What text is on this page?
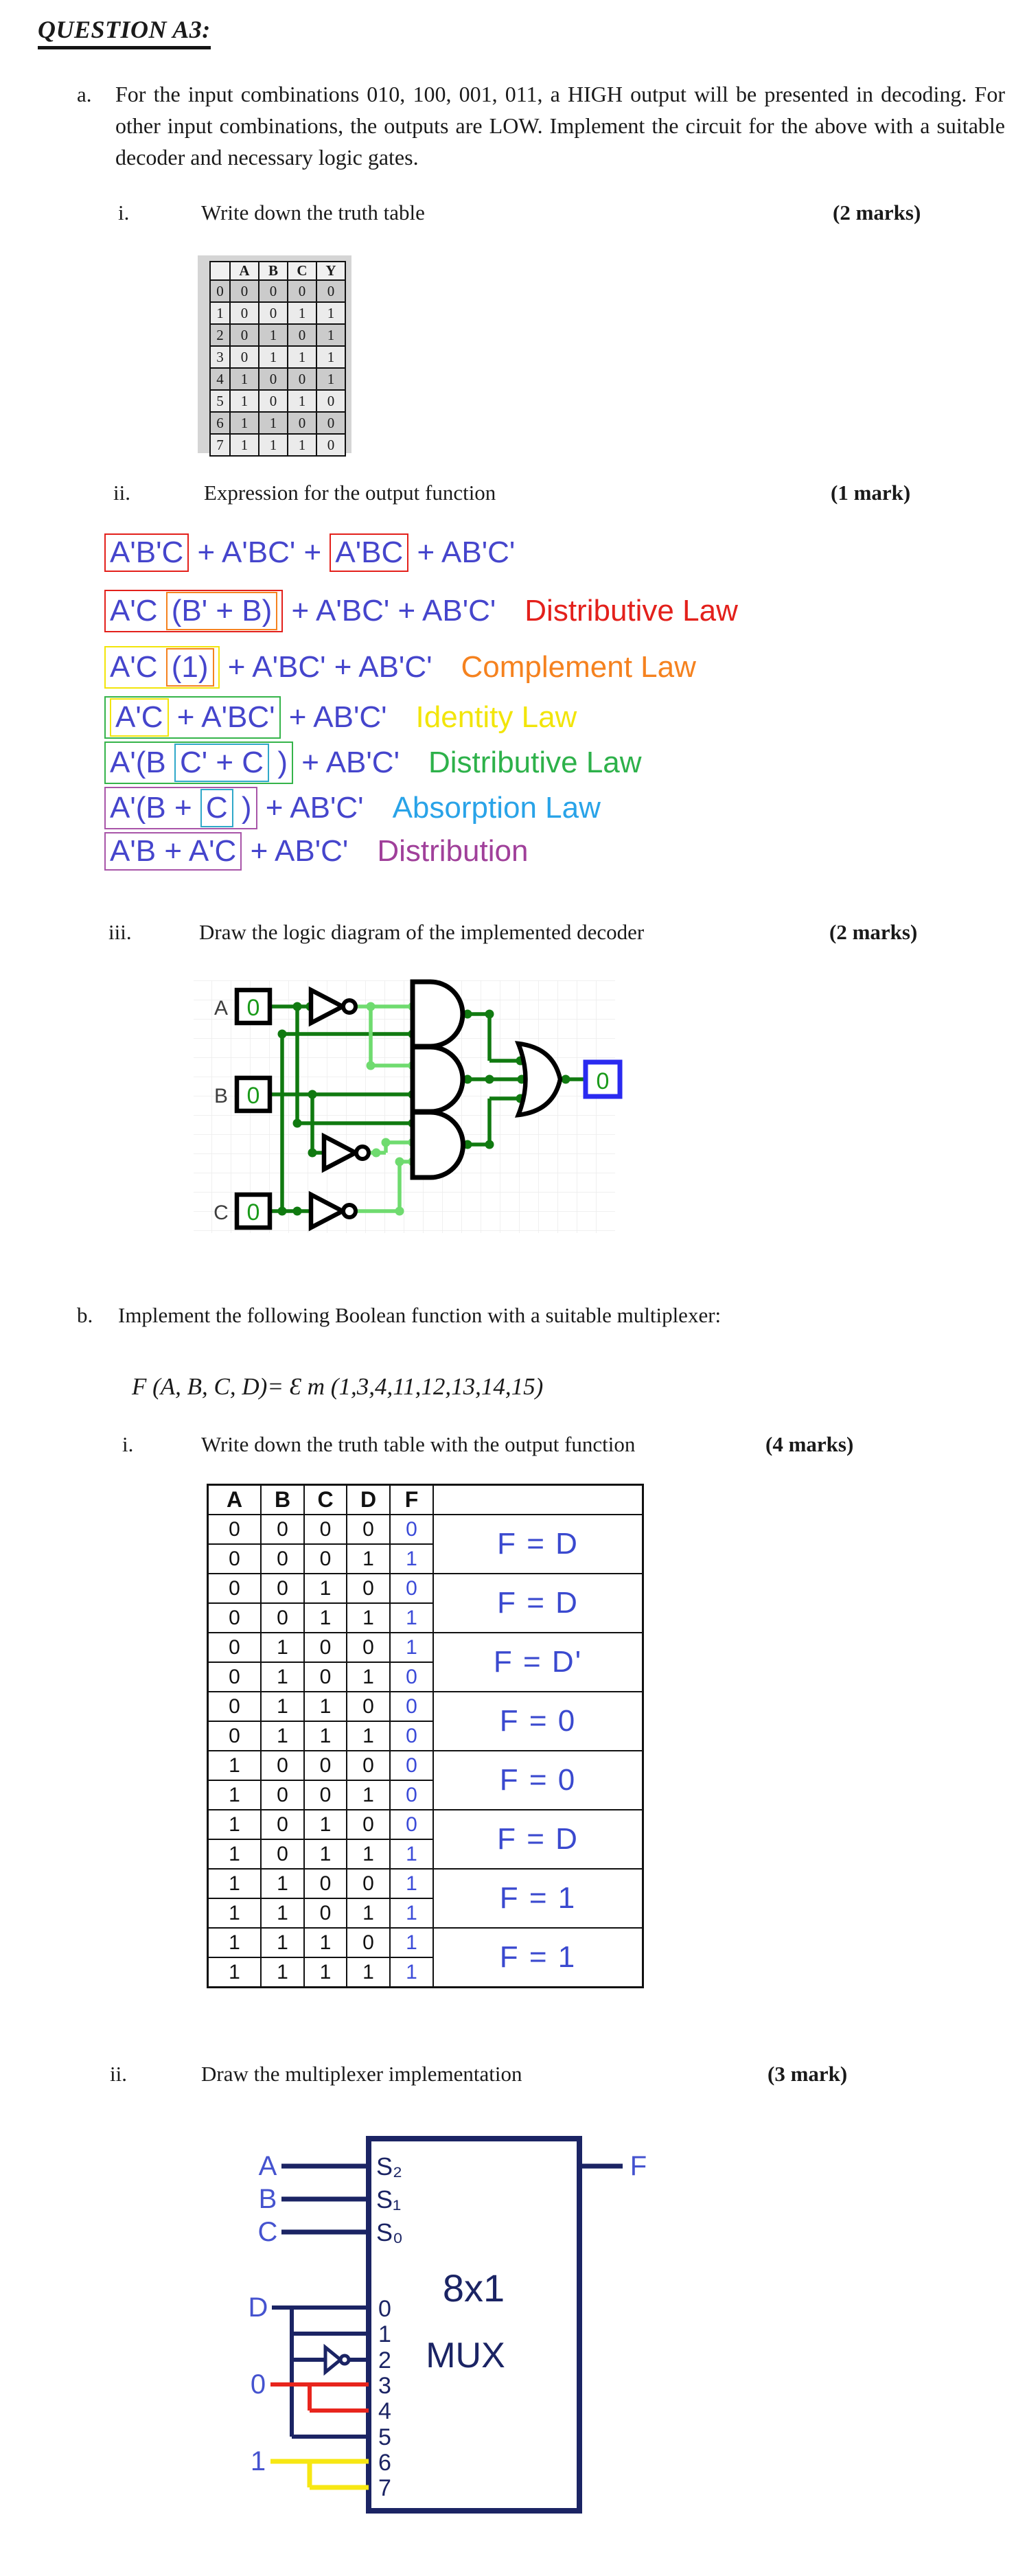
QUESTION A3:
a. For the input combinations 010, 100, 001, 011, a HIGH output will be presented in decoding. For other input combinations, the outputs are LOW. Implement the circuit for the above with a suitable decoder and necessary logic gates.
i.	Write down the truth table	(2 marks)
	A	B	C	Y
0	0	0	0	0
1	0	0	1	1
2	0	1	0	1
3	0	1	1	1
4	1	0	0	1
5	1	0	1	0
6	1	1	0	0
7	1	1	1	0
ii.	Expression for the output function	(1 mark)
A'B'C + A'BC' + A'BC + AB'C'
A'C (B' + B) + A'BC' + AB'C' Distributive Law
A'C (1) + A'BC' + AB'C' Complement Law
A'C + A'BC' + AB'C' Identity Law
A'(B C' + C ) + AB'C' Distributive Law
A'(B + C ) + AB'C' Absorption Law
A'B + A'C + AB'C' Distribution
iii.	Draw the logic diagram of the implemented decoder	(2 marks)
A 0
B 0
C 0
0
b. Implement the following Boolean function with a suitable multiplexer:
F (A, B, C, D)= Ɛ m (1,3,4,11,12,13,14,15)
i.	Write down the truth table with the output function	(4 marks)
A	B	C	D	F	
0	0	0	0	0	F = D
0	0	0	1	1	
0	0	1	0	0	F = D
0	0	1	1	1	
0	1	0	0	1	F = D'
0	1	0	1	0	
0	1	1	0	0	F = 0
0	1	1	1	0	
1	0	0	0	0	F = 0
1	0	0	1	0	
1	0	1	0	0	F = D
1	0	1	1	1	
1	1	0	0	1	F = 1
1	1	0	1	1	
1	1	1	0	1	F = 1
1	1	1	1	1	
ii.	Draw the multiplexer implementation	(3 mark)
A
B
C
F
D
0
1
S₂
S₁
S₀
8x1
MUX
0
1
2
3
4
5
6
7
